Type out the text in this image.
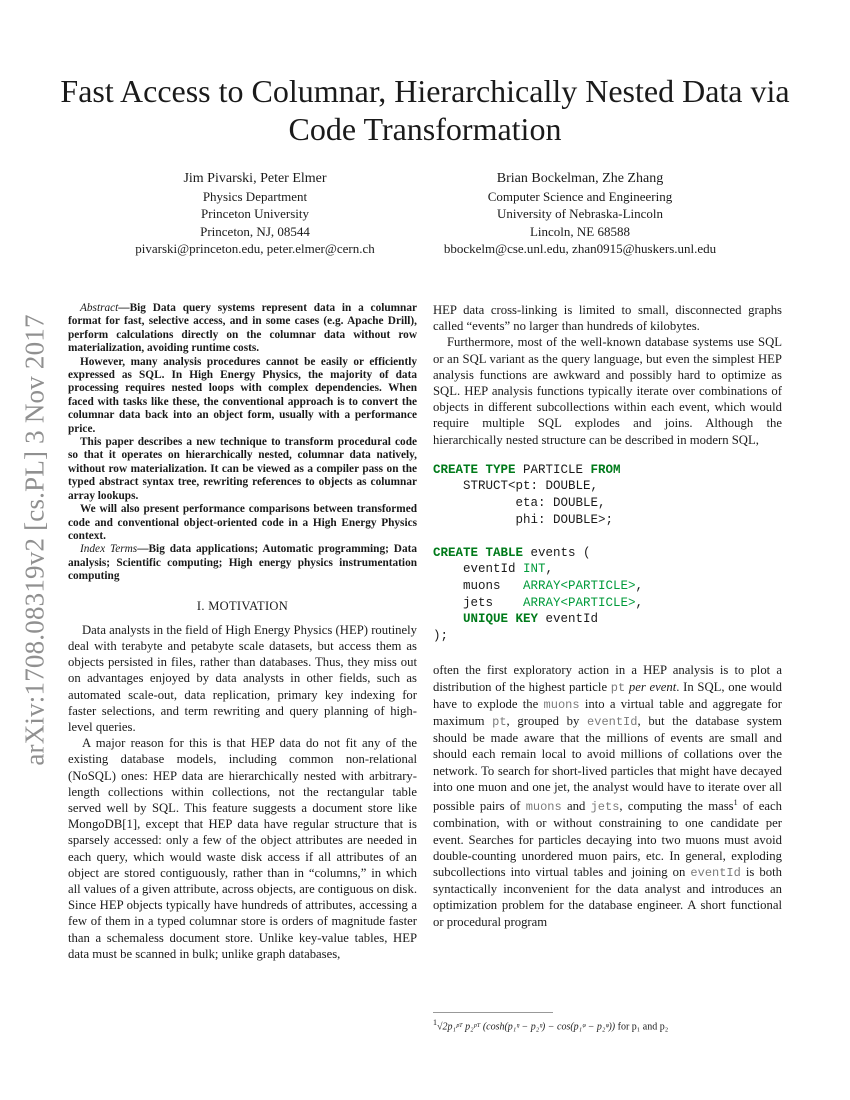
arXiv:1708.08319v2 [cs.PL] 3 Nov 2017
Fast Access to Columnar, Hierarchically Nested Data via Code Transformation
Jim Pivarski, Peter Elmer
Physics Department
Princeton University
Princeton, NJ, 08544
pivarski@princeton.edu, peter.elmer@cern.ch
Brian Bockelman, Zhe Zhang
Computer Science and Engineering
University of Nebraska-Lincoln
Lincoln, NE 68588
bbockelm@cse.unl.edu, zhan0915@huskers.unl.edu

Abstract—Big Data query systems represent data in a columnar format for fast, selective access, and in some cases (e.g. Apache Drill), perform calculations directly on the columnar data without row materialization, avoiding runtime costs.

However, many analysis procedures cannot be easily or efficiently expressed as SQL. In High Energy Physics, the majority of data processing requires nested loops with complex dependencies. When faced with tasks like these, the conventional approach is to convert the columnar data back into an object form, usually with a performance price.

This paper describes a new technique to transform procedural code so that it operates on hierarchically nested, columnar data natively, without row materialization. It can be viewed as a compiler pass on the typed abstract syntax tree, rewriting references to objects as columnar array lookups.

We will also present performance comparisons between transformed code and conventional object-oriented code in a High Energy Physics context.

Index Terms—Big data applications; Automatic programming; Data analysis; Scientific computing; High energy physics instrumentation computing

I. MOTIVATION

Data analysts in the field of High Energy Physics (HEP) routinely deal with terabyte and petabyte scale datasets, but access them as objects persisted in files, rather than databases. Thus, they miss out on advantages enjoyed by data analysts in other fields, such as automated scale-out, data replication, primary key indexing for faster selections, and term rewriting and query planning of high-level queries.

A major reason for this is that HEP data do not fit any of the existing database models, including common non-relational (NoSQL) ones: HEP data are hierarchically nested with arbitrary-length collections within collections, not the rectangular table served well by SQL. This feature suggests a document store like MongoDB[1], except that HEP data have regular structure that is sparsely accessed: only a few of the object attributes are needed in each query, which would waste disk access if all attributes of an object are stored contiguously, rather than in “columns,” in which all values of a given attribute, across objects, are contiguous on disk. Since HEP objects typically have hundreds of attributes, accessing a few of them in a typed columnar store is orders of magnitude faster than a schemaless document store. Unlike key-value tables, HEP data must be scanned in bulk; unlike graph databases,

HEP data cross-linking is limited to small, disconnected graphs called “events” no larger than hundreds of kilobytes.

Furthermore, most of the well-known database systems use SQL or an SQL variant as the query language, but even the simplest HEP analysis functions are awkward and possibly hard to optimize as SQL. HEP analysis functions typically iterate over combinations of objects in different subcollections within each event, which would require multiple SQL explodes and joins. Although the hierarchically nested structure can be described in modern SQL,

CREATE TYPE PARTICLE FROM
STRUCT<pt: DOUBLE,
eta: DOUBLE,
phi: DOUBLE>;

CREATE TABLE events (
eventId INT,
muons   ARRAY<PARTICLE>,
jets    ARRAY<PARTICLE>,
UNIQUE KEY eventId
);

often the first exploratory action in a HEP analysis is to plot a distribution of the highest particle pt per event. In SQL, one would have to explode the muons into a virtual table and aggregate for maximum pt, grouped by eventId, but the database system should be made aware that the millions of events are small and should each remain local to avoid millions of collations over the network. To search for short-lived particles that might have decayed into one muon and one jet, the analyst would have to iterate over all possible pairs of muons and jets, computing the mass$^1$ of each combination, with or without constraining to one candidate per event. Searches for particles decaying into two muons must avoid double-counting unordered muon pairs, etc. In general, exploding subcollections into virtual tables and joining on eventId is both syntactically inconvenient for the data analyst and introduces an optimization problem for the database engineer. A short functional or procedural program

$^1$√2p₁ᵖᵀ p₂ᵖᵀ (cosh(p₁ᵑ − p₂ᵑ) − cos(p₁ᵠ − p₂ᵠ)) for p₁ and p₂
